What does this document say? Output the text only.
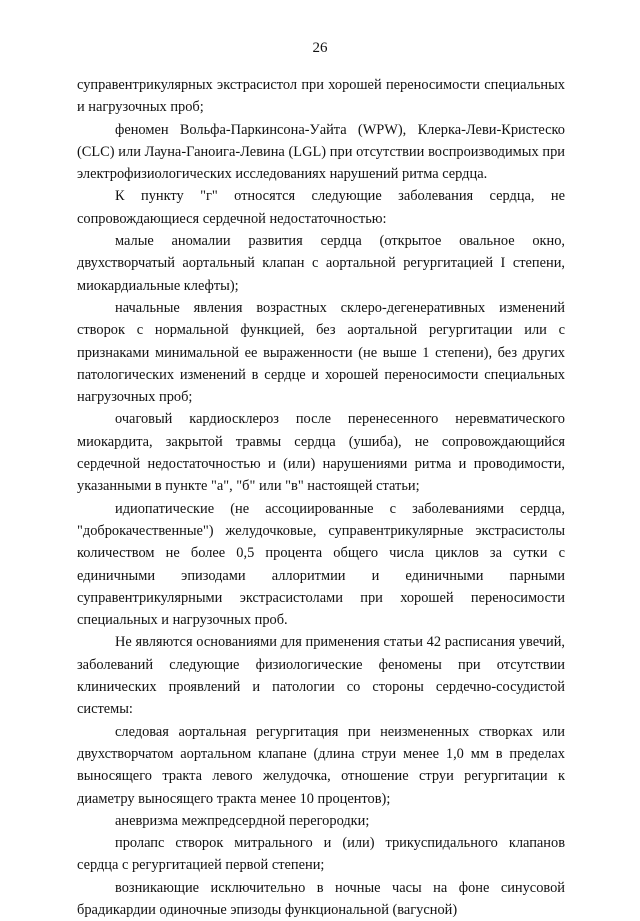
26

суправентрикулярных экстрасистол при хорошей переносимости специальных и нагрузочных проб;

феномен Вольфа-Паркинсона-Уайта (WPW), Клерка-Леви-Кристеско (CLC) или Лауна-Ганоига-Левина (LGL) при отсутствии воспроизводимых при электрофизиологических исследованиях нарушений ритма сердца.

К пункту "г" относятся следующие заболевания сердца, не сопровождающиеся сердечной недостаточностью:

малые аномалии развития сердца (открытое овальное окно, двухстворчатый аортальный клапан с аортальной регургитацией I степени, миокардиальные клефты);

начальные явления возрастных склеро-дегенеративных изменений створок с нормальной функцией, без аортальной регургитации или с признаками минимальной ее выраженности (не выше 1 степени), без других патологических изменений в сердце и хорошей переносимости специальных нагрузочных проб;

очаговый кардиосклероз после перенесенного неревматического миокардита, закрытой травмы сердца (ушиба), не сопровождающийся сердечной недостаточностью и (или) нарушениями ритма и проводимости, указанными в пункте "а", "б" или "в" настоящей статьи;

идиопатические (не ассоциированные с заболеваниями сердца, "доброкачественные") желудочковые, суправентрикулярные экстрасистолы количеством не более 0,5 процента общего числа циклов за сутки с единичными эпизодами аллоритмии и единичными парными суправентрикулярными экстрасистолами при хорошей переносимости специальных и нагрузочных проб.

Не являются основаниями для применения статьи 42 расписания увечий, заболеваний следующие физиологические феномены при отсутствии клинических проявлений и патологии со стороны сердечно-сосудистой системы:

следовая аортальная регургитация при неизмененных створках или двухстворчатом аортальном клапане (длина струи менее 1,0 мм в пределах выносящего тракта левого желудочка, отношение струи регургитации к диаметру выносящего тракта менее 10 процентов);

аневризма межпредсердной перегородки;

пролапс створок митрального и (или) трикуспидального клапанов сердца с регургитацией первой степени;

возникающие исключительно в ночные часы на фоне синусовой брадикардии одиночные эпизоды функциональной (вагусной)
